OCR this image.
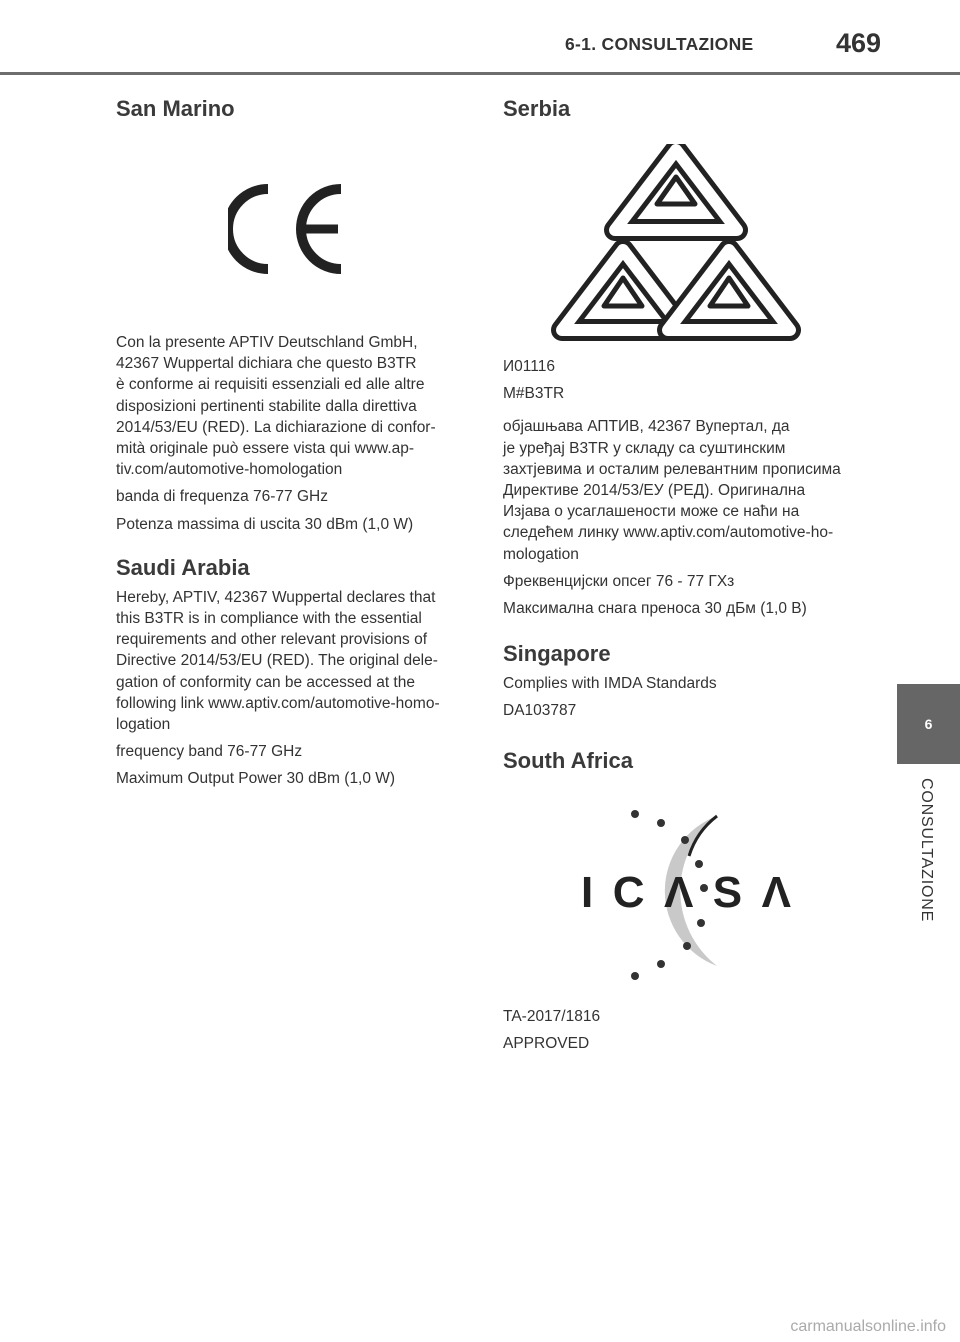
6-1. CONSULTAZIONE	469
San Marino

Con la presente APTIV Deutschland GmbH,

42367 Wuppertal dichiara che questo B3TR

è conforme ai requisiti essenziali ed alle altre

disposizioni pertinenti stabilite dalla direttiva

2014/53/EU (RED). La dichiarazione di confor-

mità originale può essere vista qui www.ap-

tiv.com/automotive-homologation

banda di frequenza 76-77 GHz

Potenza massima di uscita 30 dBm (1,0 W)

Saudi Arabia

Hereby, APTIV, 42367 Wuppertal declares that

this B3TR is in compliance with the essential

requirements and other relevant provisions of

Directive 2014/53/EU (RED). The original dele-

gation of conformity can be accessed at the

following link www.aptiv.com/automotive-homo-

logation

frequency band 76-77 GHz

Maximum Output Power 30 dBm (1,0 W)

Serbia

И01116

M#B3TR

објашњава АПТИВ, 42367 Вупертал, да

је уређај B3TR у складу са суштинским

захтјевима и осталим релевантним прописима

Директиве 2014/53/ЕУ (РЕД). Оригинална

Изјава о усаглашености може се наћи на

следећем линку www.aptiv.com/automotive-ho-

mologation

Фреквенцијски опсег 76 - 77 ГХз

Максимална снага преноса 30 дБм (1,0 В)

Singapore

Complies with IMDA Standards

DA103787

South Africa
I C Λ S Λ

TA-2017/1816

APPROVED

6
CONSULTAZIONE
carmanualsonline.info
